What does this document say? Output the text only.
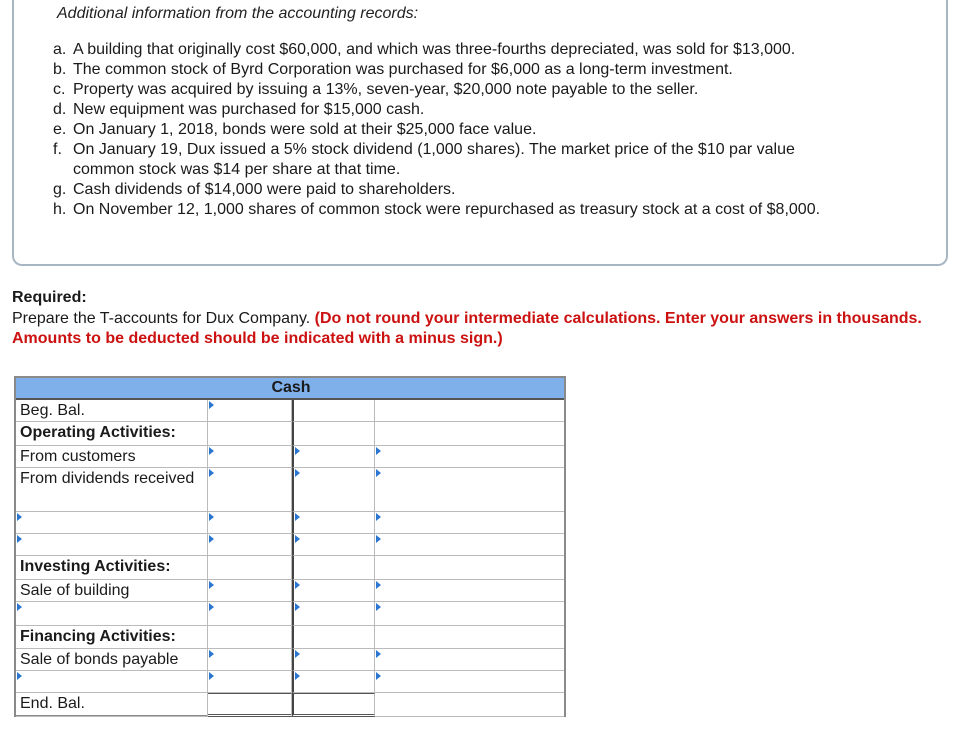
Additional information from the accounting records:
a. A building that originally cost $60,000, and which was three-fourths depreciated, was sold for $13,000.
b. The common stock of Byrd Corporation was purchased for $6,000 as a long-term investment.
c. Property was acquired by issuing a 13%, seven-year, $20,000 note payable to the seller.
d. New equipment was purchased for $15,000 cash.
e. On January 1, 2018, bonds were sold at their $25,000 face value.
f. On January 19, Dux issued a 5% stock dividend (1,000 shares). The market price of the $10 par value
common stock was $14 per share at that time.
g. Cash dividends of $14,000 were paid to shareholders.
h. On November 12, 1,000 shares of common stock were repurchased as treasury stock at a cost of $8,000.
Required:
Prepare the T-accounts for Dux Company. (Do not round your intermediate calculations. Enter your answers in thousands. Amounts to be deducted should be indicated with a minus sign.)
Cash
Beg. Bal.
Operating Activities:
From customers
From dividends received
Investing Activities:
Sale of building
Financing Activities:
Sale of bonds payable
End. Bal.
